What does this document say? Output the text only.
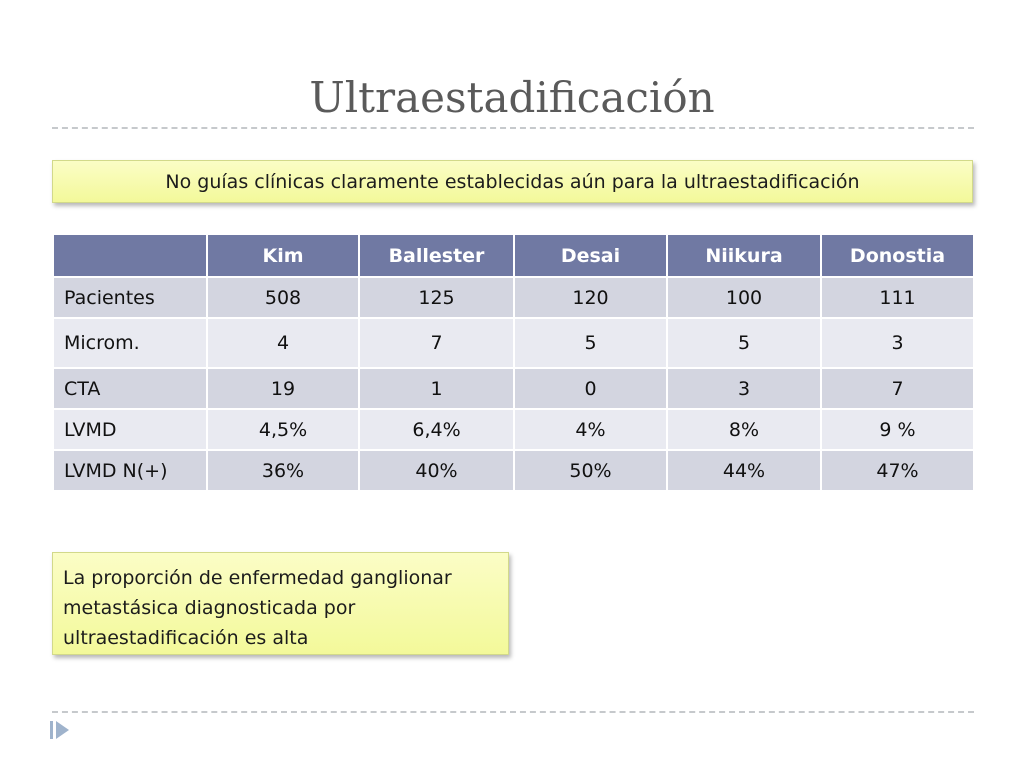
Ultraestadificación
No guías clínicas claramente establecidas aún para la ultraestadificación
	Kim	Ballester	Desai	Niikura	Donostia
Pacientes	508	125	120	100	111
Microm.	4	7	5	5	3
CTA	19	1	0	3	7
LVMD	4,5%	6,4%	4%	8%	9 %
LVMD N(+)	36%	40%	50%	44%	47%
La proporción de enfermedad ganglionar metastásica diagnosticada por ultraestadificación es alta
